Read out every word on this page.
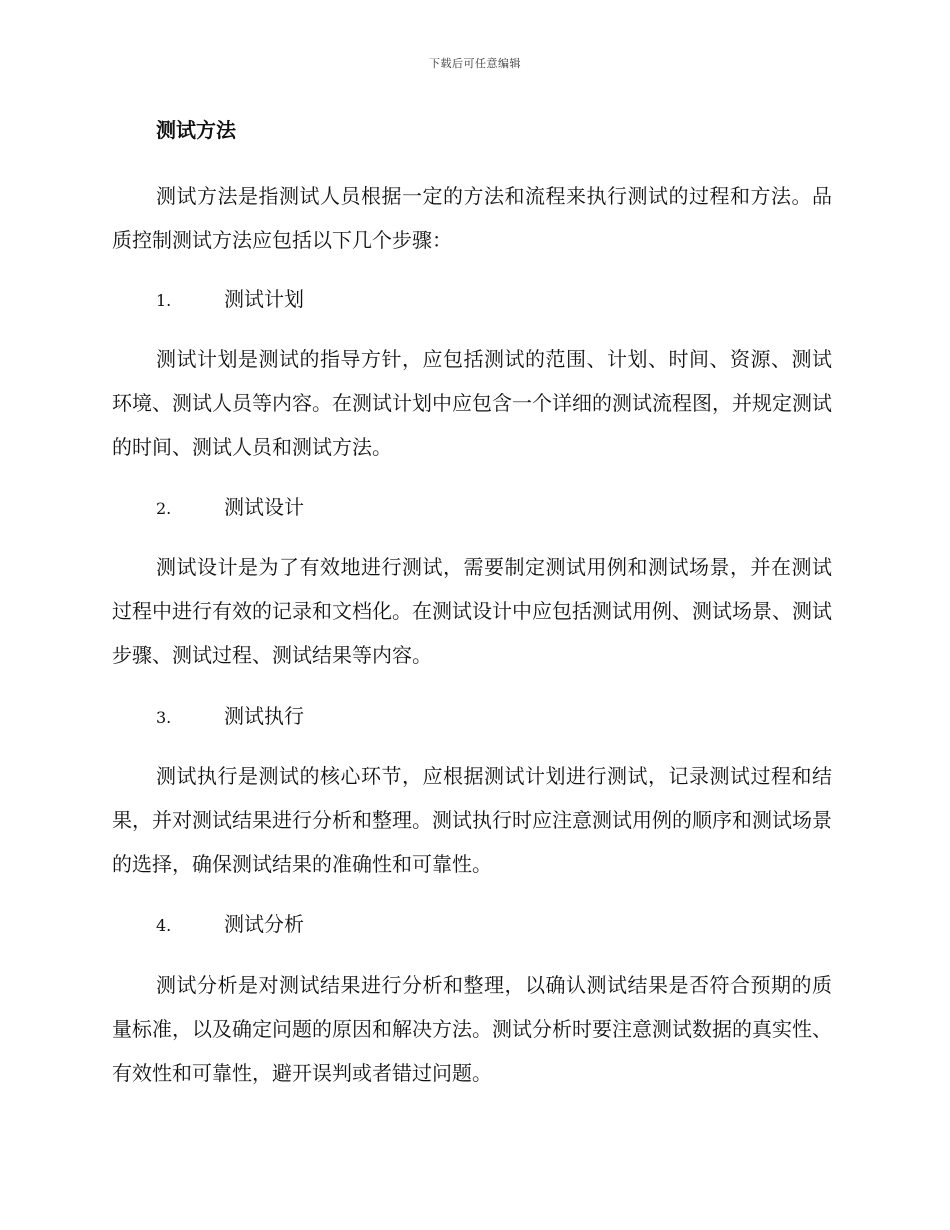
下载后可任意编辑
测试方法

测试方法是指测试人员根据一定的方法和流程来执行测试的过程和方法。品质控制测试方法应包括以下几个步骤：

1.	测试计划

测试计划是测试的指导方针，应包括测试的范围、计划、时间、资源、测试环境、测试人员等内容。在测试计划中应包含一个详细的测试流程图，并规定测试的时间、测试人员和测试方法。

2.	测试设计

测试设计是为了有效地进行测试，需要制定测试用例和测试场景，并在测试过程中进行有效的记录和文档化。在测试设计中应包括测试用例、测试场景、测试步骤、测试过程、测试结果等内容。

3.	测试执行

测试执行是测试的核心环节，应根据测试计划进行测试，记录测试过程和结果，并对测试结果进行分析和整理。测试执行时应注意测试用例的顺序和测试场景的选择，确保测试结果的准确性和可靠性。

4.	测试分析

测试分析是对测试结果进行分析和整理，以确认测试结果是否符合预期的质量标准，以及确定问题的原因和解决方法。测试分析时要注意测试数据的真实性、有效性和可靠性，避开误判或者错过问题。
